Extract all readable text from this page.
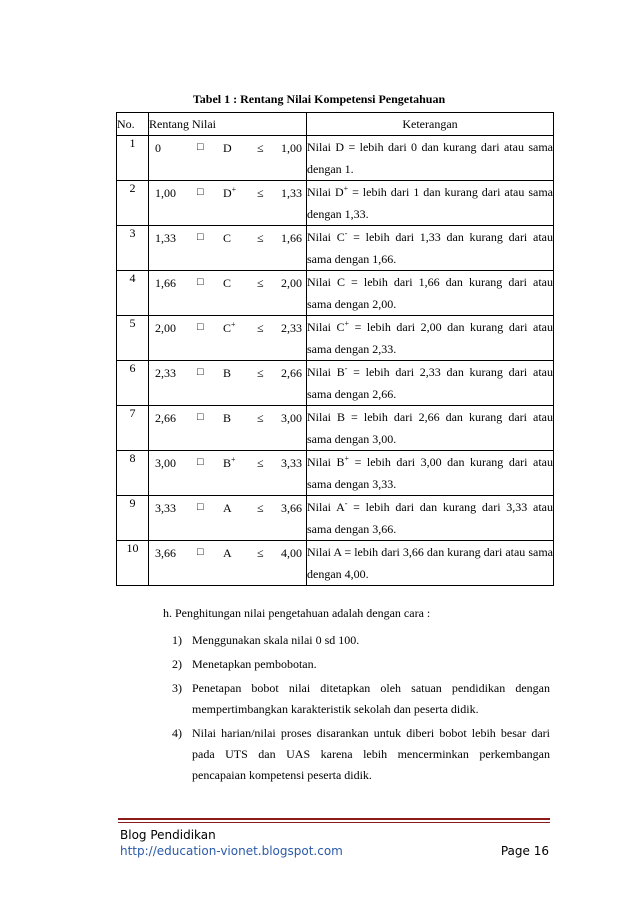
Tabel 1 : Rentang Nilai Kompetensi Pengetahuan
No.	Rentang Nilai	Keterangan
1	0 □ D ≤ 1,00	Nilai D = lebih dari 0 dan kurang dari atau sama dengan 1.
2	1,00 □ D+ ≤ 1,33	Nilai D+ = lebih dari 1 dan kurang dari atau sama dengan 1,33.
3	1,33 □ C ≤ 1,66	Nilai C- = lebih dari 1,33 dan kurang dari atau sama dengan 1,66.
4	1,66 □ C ≤ 2,00	Nilai C = lebih dari 1,66 dan kurang dari atau sama dengan 2,00.
5	2,00 □ C+ ≤ 2,33	Nilai C+ = lebih dari 2,00 dan kurang dari atau sama dengan 2,33.
6	2,33 □ B ≤ 2,66	Nilai B- = lebih dari 2,33 dan kurang dari atau sama dengan 2,66.
7	2,66 □ B ≤ 3,00	Nilai B = lebih dari 2,66 dan kurang dari atau sama dengan 3,00.
8	3,00 □ B+ ≤ 3,33	Nilai B+ = lebih dari 3,00 dan kurang dari atau sama dengan 3,33.
9	3,33 □ A ≤ 3,66	Nilai A- = lebih dari dan kurang dari 3,33 atau sama dengan 3,66.
10	3,66 □ A ≤ 4,00	Nilai A = lebih dari 3,66 dan kurang dari atau sama dengan 4,00.
h. Penghitungan nilai pengetahuan adalah dengan cara :
1) Menggunakan skala nilai 0 sd 100.
2) Menetapkan pembobotan.
3) Penetapan bobot nilai ditetapkan oleh satuan pendidikan dengan mempertimbangkan karakteristik sekolah dan peserta didik.
4) Nilai harian/nilai proses disarankan untuk diberi bobot lebih besar dari pada UTS dan UAS karena lebih mencerminkan perkembangan pencapaian kompetensi peserta didik.
Blog Pendidikan
http://education-vionet.blogspot.com	Page 16
